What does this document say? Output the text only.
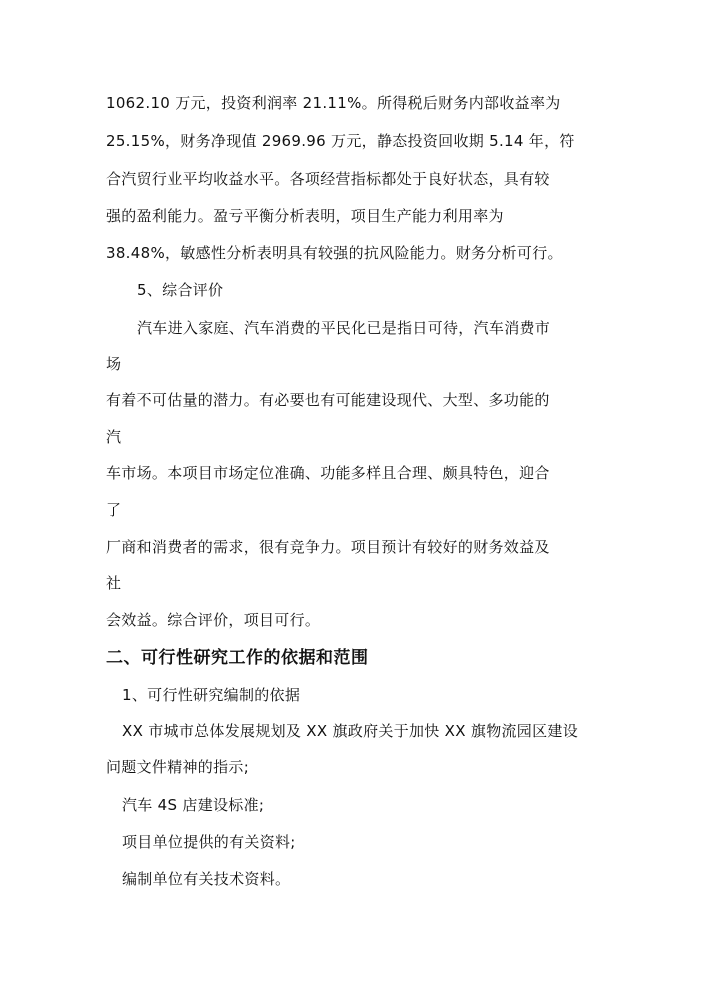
1062.10 万元，投资利润率 21.11%。所得税后财务内部收益率为
25.15%，财务净现值 2969.96 万元，静态投资回收期 5.14 年，符
合汽贸行业平均收益水平。各项经营指标都处于良好状态，具有较
强的盈利能力。盈亏平衡分析表明，项目生产能力利用率为
38.48%，敏感性分析表明具有较强的抗风险能力。财务分析可行。
5、综合评价
汽车进入家庭、汽车消费的平民化已是指日可待，汽车消费市
场
有着不可估量的潜力。有必要也有可能建设现代、大型、多功能的
汽
车市场。本项目市场定位准确、功能多样且合理、颇具特色，迎合
了
厂商和消费者的需求，很有竞争力。项目预计有较好的财务效益及
社
会效益。综合评价，项目可行。
二、可行性研究工作的依据和范围
1、可行性研究编制的依据
XX 市城市总体发展规划及 XX 旗政府关于加快 XX 旗物流园区建设
问题文件精神的指示;
汽车 4S 店建设标准;
项目单位提供的有关资料;
编制单位有关技术资料。
